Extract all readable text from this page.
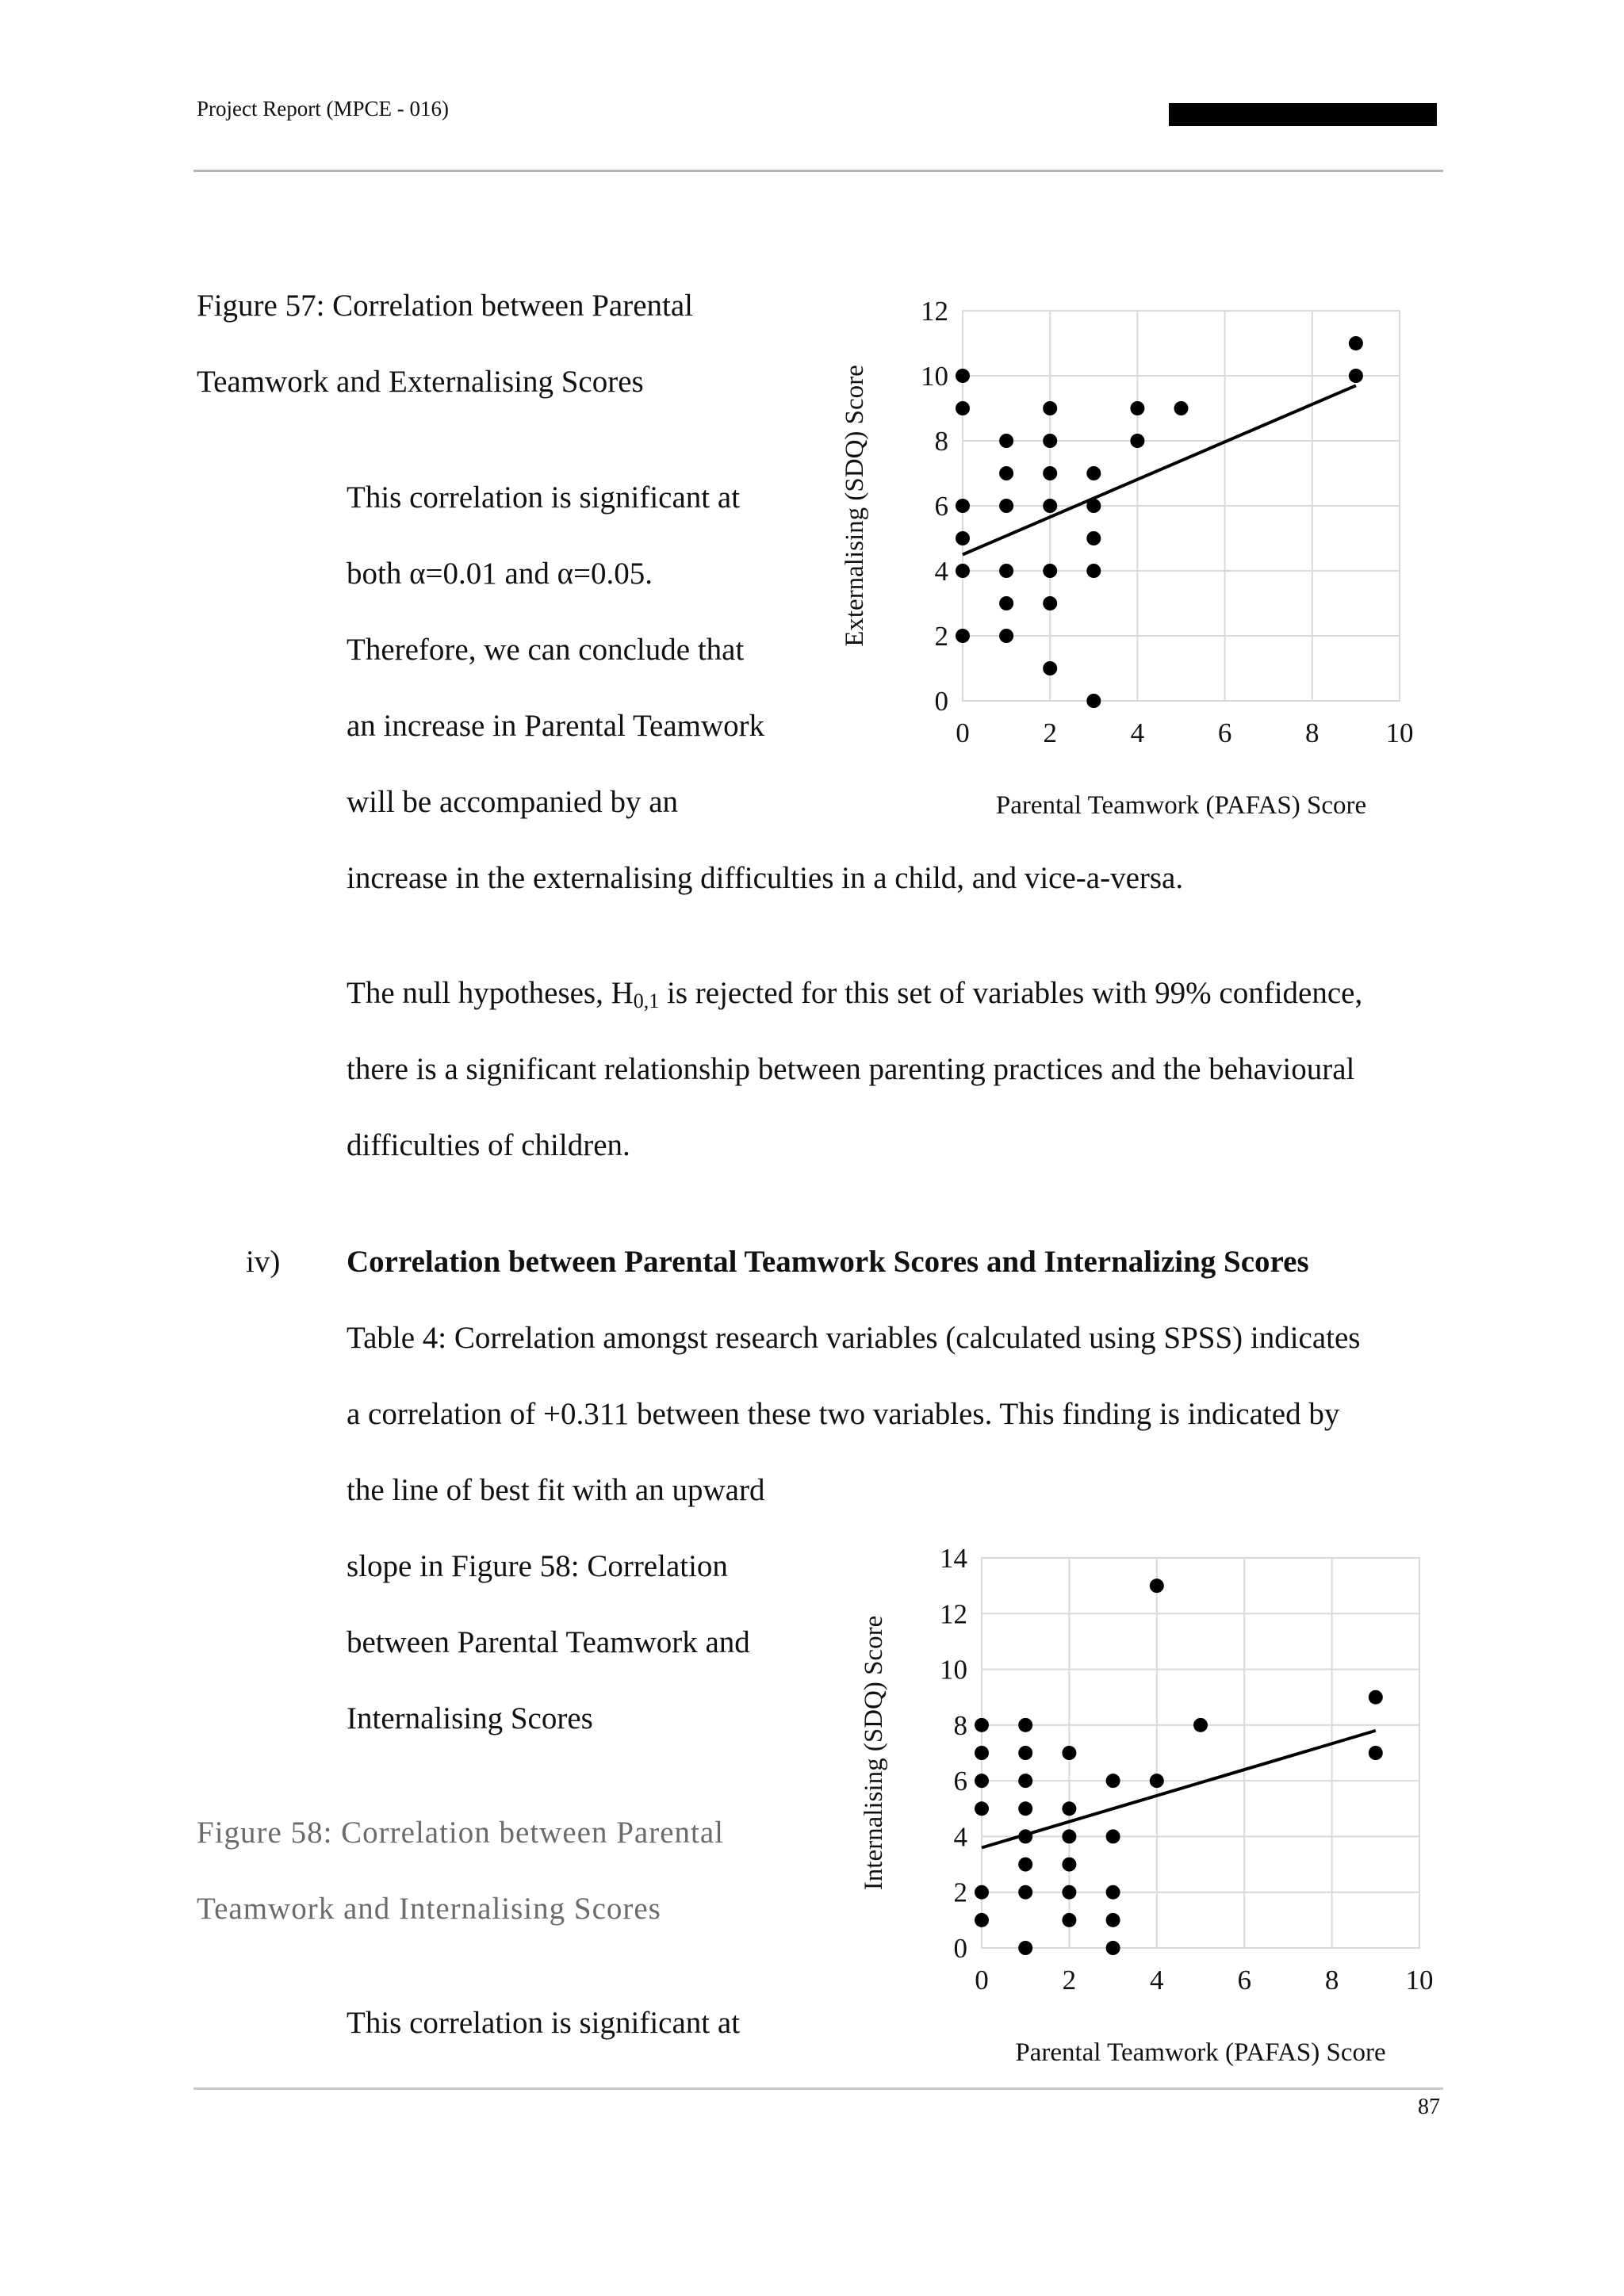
Project Report (MPCE - 016)
Figure 57: Correlation between Parental
Teamwork and Externalising Scores
This correlation is significant at
both α=0.01 and α=0.05.
Therefore, we can conclude that
an increase in Parental Teamwork
will be accompanied by an
increase in the externalising difficulties in a child, and vice-a-versa.
The null hypotheses, $H_{0,1}$ is rejected for this set of variables with 99% confidence,
there is a significant relationship between parenting practices and the behavioural
difficulties of children.
iv) Correlation between Parental Teamwork Scores and Internalizing Scores
Table 4: Correlation amongst research variables (calculated using SPSS) indicates
a correlation of +0.311 between these two variables. This finding is indicated by
the line of best fit with an upward
slope in Figure 58: Correlation
between Parental Teamwork and
Internalising Scores
Figure 58: Correlation between Parental
Teamwork and Internalising Scores
This correlation is significant at
0
2
4
6
8
10
12
0	2	4	6	8 10
Parental Teamwork (PAFAS) Score
Externalising (SDQ) Score
0
2
4
6
8
10
12
14
0	2	4	6	8 10
Parental Teamwork (PAFAS) Score
Internalising (SDQ) Score
87
